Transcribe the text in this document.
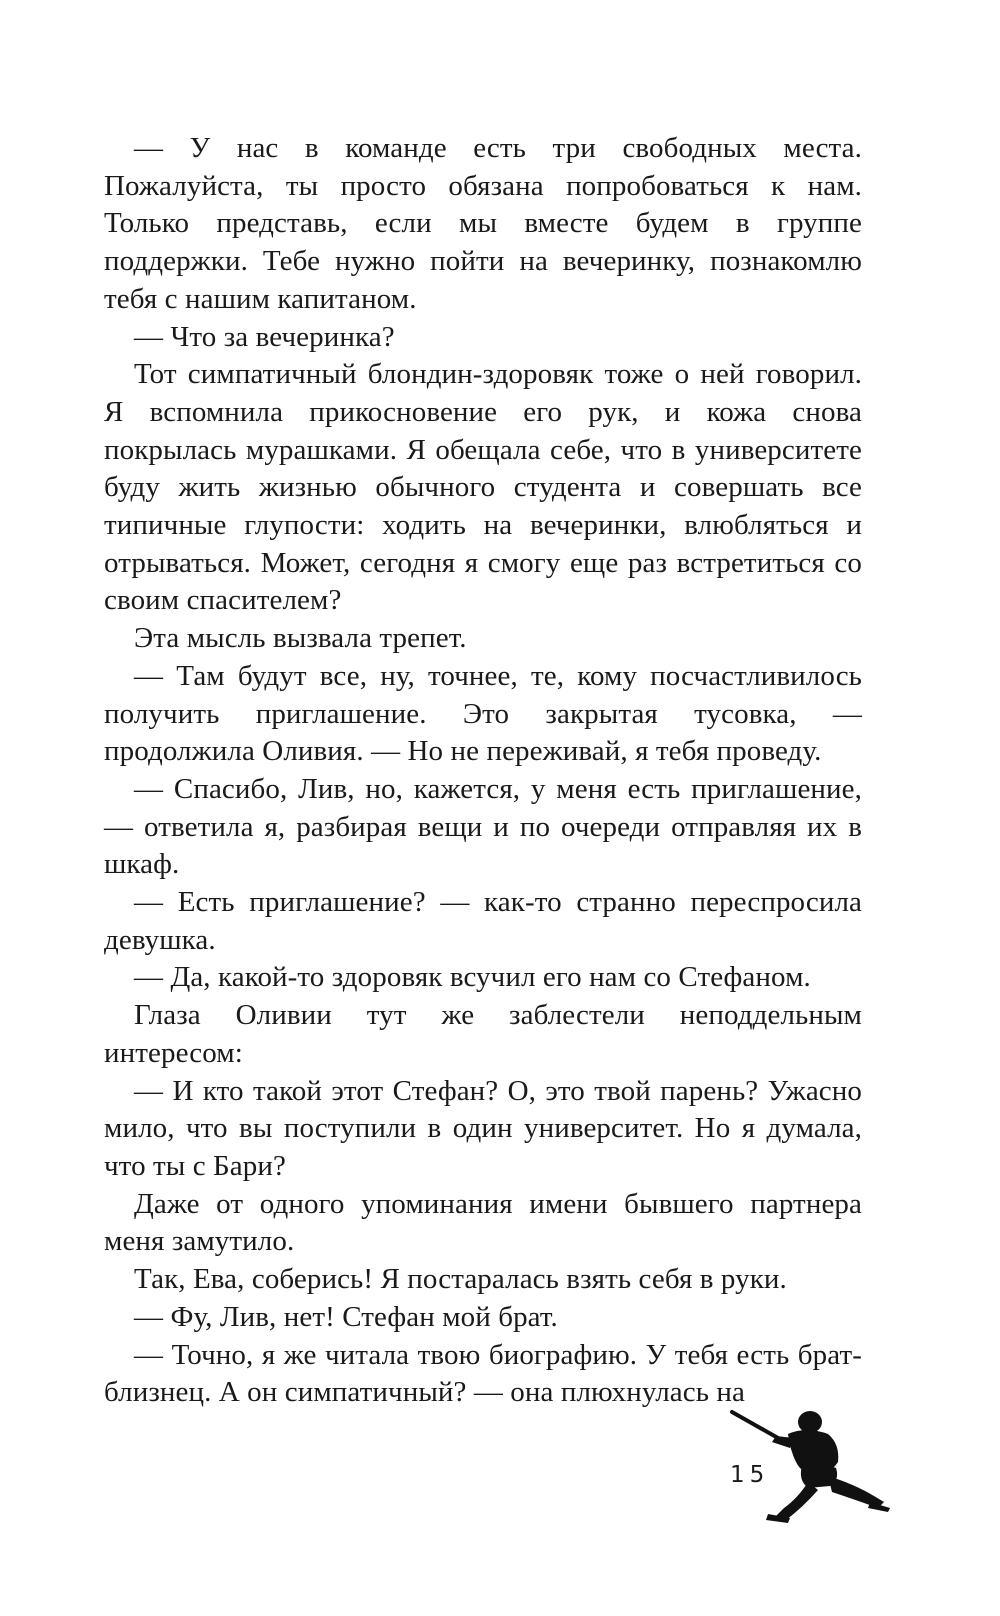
— У нас в команде есть три свободных места. Пожалуйста, ты просто обязана попробоваться к нам. Только представь, если мы вместе будем в группе поддержки. Тебе нужно пойти на вечеринку, познакомлю тебя с нашим капитаном.

— Что за вечеринка?

Тот симпатичный блондин-здоровяк тоже о ней говорил. Я вспомнила прикосновение его рук, и кожа снова покрылась мурашками. Я обещала себе, что в университете буду жить жизнью обычного студента и совершать все типичные глупости: ходить на вечеринки, влюбляться и отрываться. Может, сегодня я смогу еще раз встретиться со своим спасителем?

Эта мысль вызвала трепет.

— Там будут все, ну, точнее, те, кому посчастливилось получить приглашение. Это закрытая тусовка, — продолжила Оливия. — Но не переживай, я тебя проведу.

— Спасибо, Лив, но, кажется, у меня есть приглашение, — ответила я, разбирая вещи и по очереди отправляя их в шкаф.

— Есть приглашение? — как-то странно переспросила девушка.

— Да, какой-то здоровяк всучил его нам со Стефаном.

Глаза Оливии тут же заблестели неподдельным интересом:

— И кто такой этот Стефан? О, это твой парень? Ужасно мило, что вы поступили в один университет. Но я думала, что ты с Бари?

Даже от одного упоминания имени бывшего партнера меня замутило.

Так, Ева, соберись! Я постаралась взять себя в руки.

— Фу, Лив, нет! Стефан мой брат.

— Точно, я же читала твою биографию. У тебя есть брат-близнец. А он симпатичный? — она плюхнулась на

15
